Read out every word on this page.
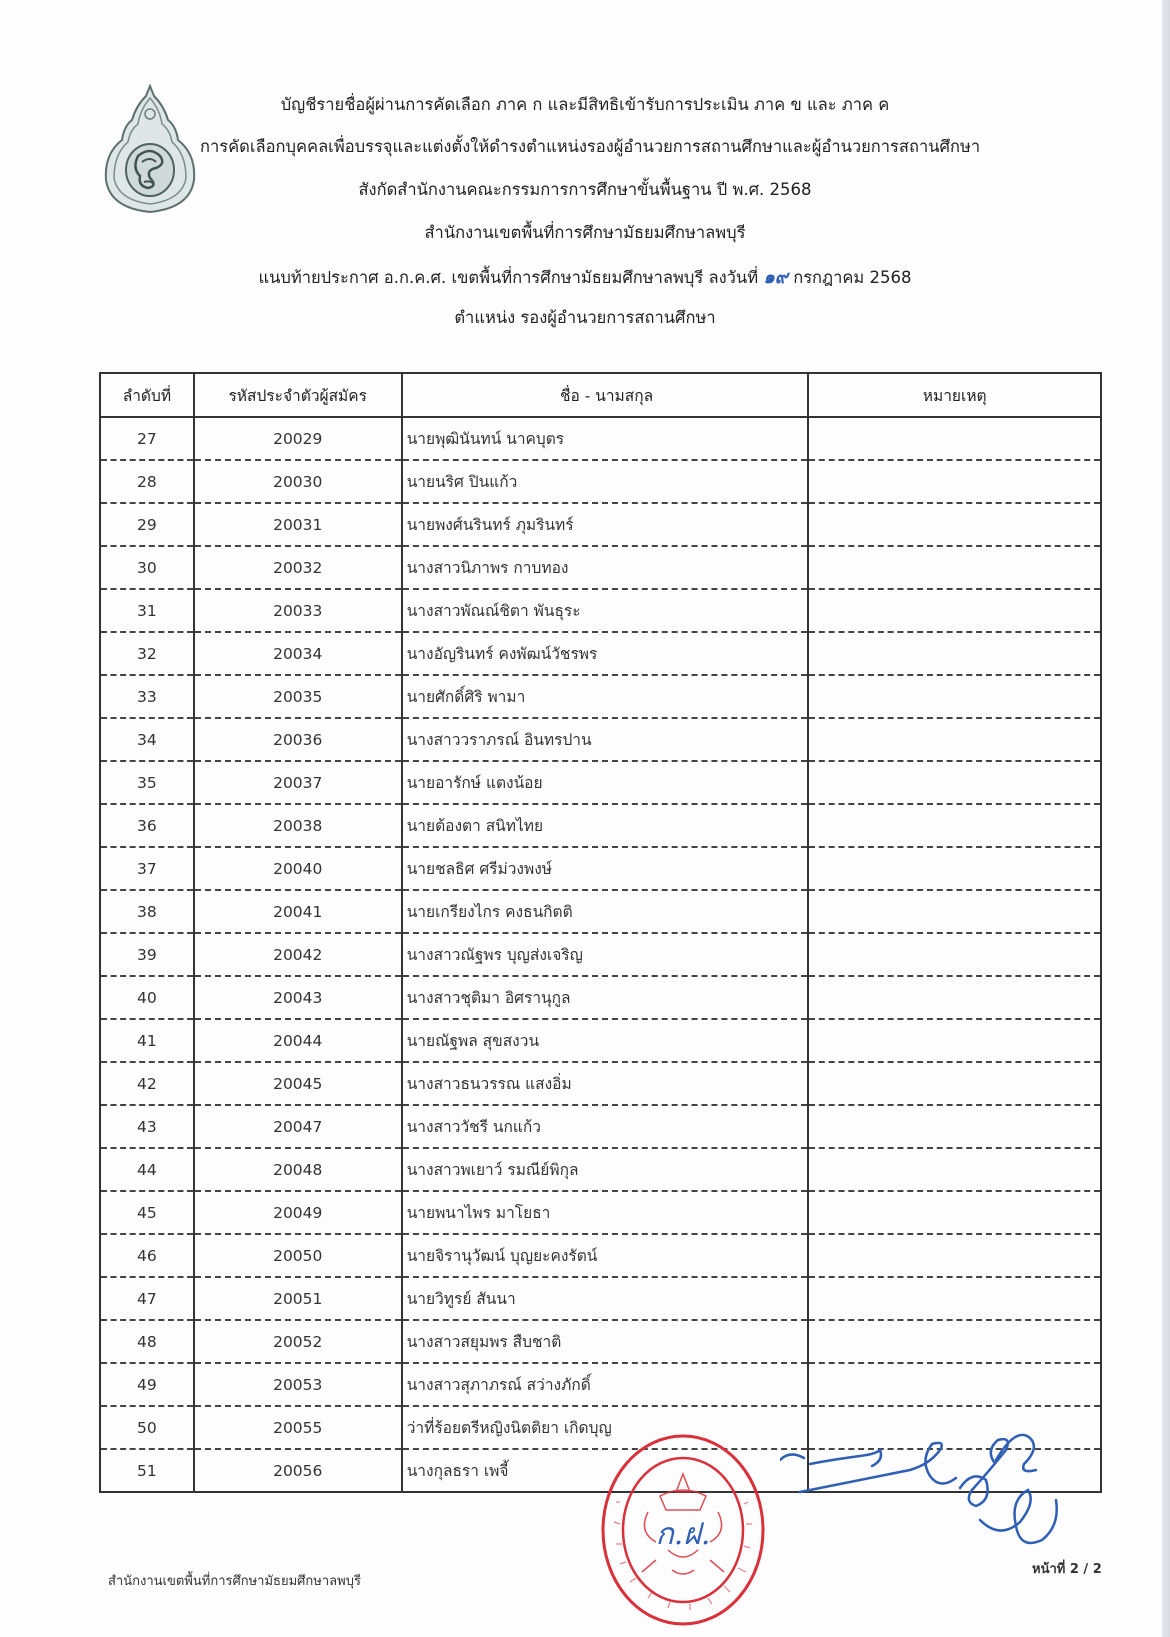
บัญชีรายชื่อผู้ผ่านการคัดเลือก ภาค ก และมีสิทธิเข้ารับการประเมิน ภาค ข และ ภาค ค
การคัดเลือกบุคคลเพื่อบรรจุและแต่งตั้งให้ดำรงตำแหน่งรองผู้อำนวยการสถานศึกษาและผู้อำนวยการสถานศึกษา
สังกัดสำนักงานคณะกรรมการการศึกษาขั้นพื้นฐาน ปี พ.ศ. 2568
สำนักงานเขตพื้นที่การศึกษามัธยมศึกษาลพบุรี
แนบท้ายประกาศ อ.ก.ค.ศ. เขตพื้นที่การศึกษามัธยมศึกษาลพบุรี ลงวันที่ ๑๙ กรกฎาคม 2568
ตำแหน่ง รองผู้อำนวยการสถานศึกษา
ลำดับที่	รหัสประจำตัวผู้สมัคร	ชื่อ - นามสกุล	หมายเหตุ
27	20029	นายพุฒินันทน์ นาคบุตร	
28	20030	นายนริศ ปินแก้ว	
29	20031	นายพงศ์นรินทร์ ภุมรินทร์	
30	20032	นางสาวนิภาพร กาบทอง	
31	20033	นางสาวพัณณ์ชิตา พันธุระ	
32	20034	นางอัญรินทร์ คงพัฒน์วัชรพร	
33	20035	นายศักดิ์ศิริ พามา	
34	20036	นางสาววราภรณ์ อินทรปาน	
35	20037	นายอารักษ์ แตงน้อย	
36	20038	นายต้องตา สนิทไทย	
37	20040	นายชลธิศ ศรีม่วงพงษ์	
38	20041	นายเกรียงไกร คงธนกิตติ	
39	20042	นางสาวณัฐพร บุญส่งเจริญ	
40	20043	นางสาวชุติมา อิศรานุกูล	
41	20044	นายณัฐพล สุขสงวน	
42	20045	นางสาวธนวรรณ แสงอิ่ม	
43	20047	นางสาววัชรี นกแก้ว	
44	20048	นางสาวพเยาว์ รมณีย์พิกุล	
45	20049	นายพนาไพร มาโยธา	
46	20050	นายจิรานุวัฒน์ บุญยะคงรัตน์	
47	20051	นายวิทูรย์ สันนา	
48	20052	นางสาวสยุมพร สืบชาติ	
49	20053	นางสาวสุภาภรณ์ สว่างภักดิ์	
50	20055	ว่าที่ร้อยตรีหญิงนิตติยา เกิดบุญ	
51	20056	นางกุลธรา เพจี้	
ก.ฝ.
สำนักงานเขตพื้นที่การศึกษามัธยมศึกษาลพบุรี
หน้าที่ 2 / 2
